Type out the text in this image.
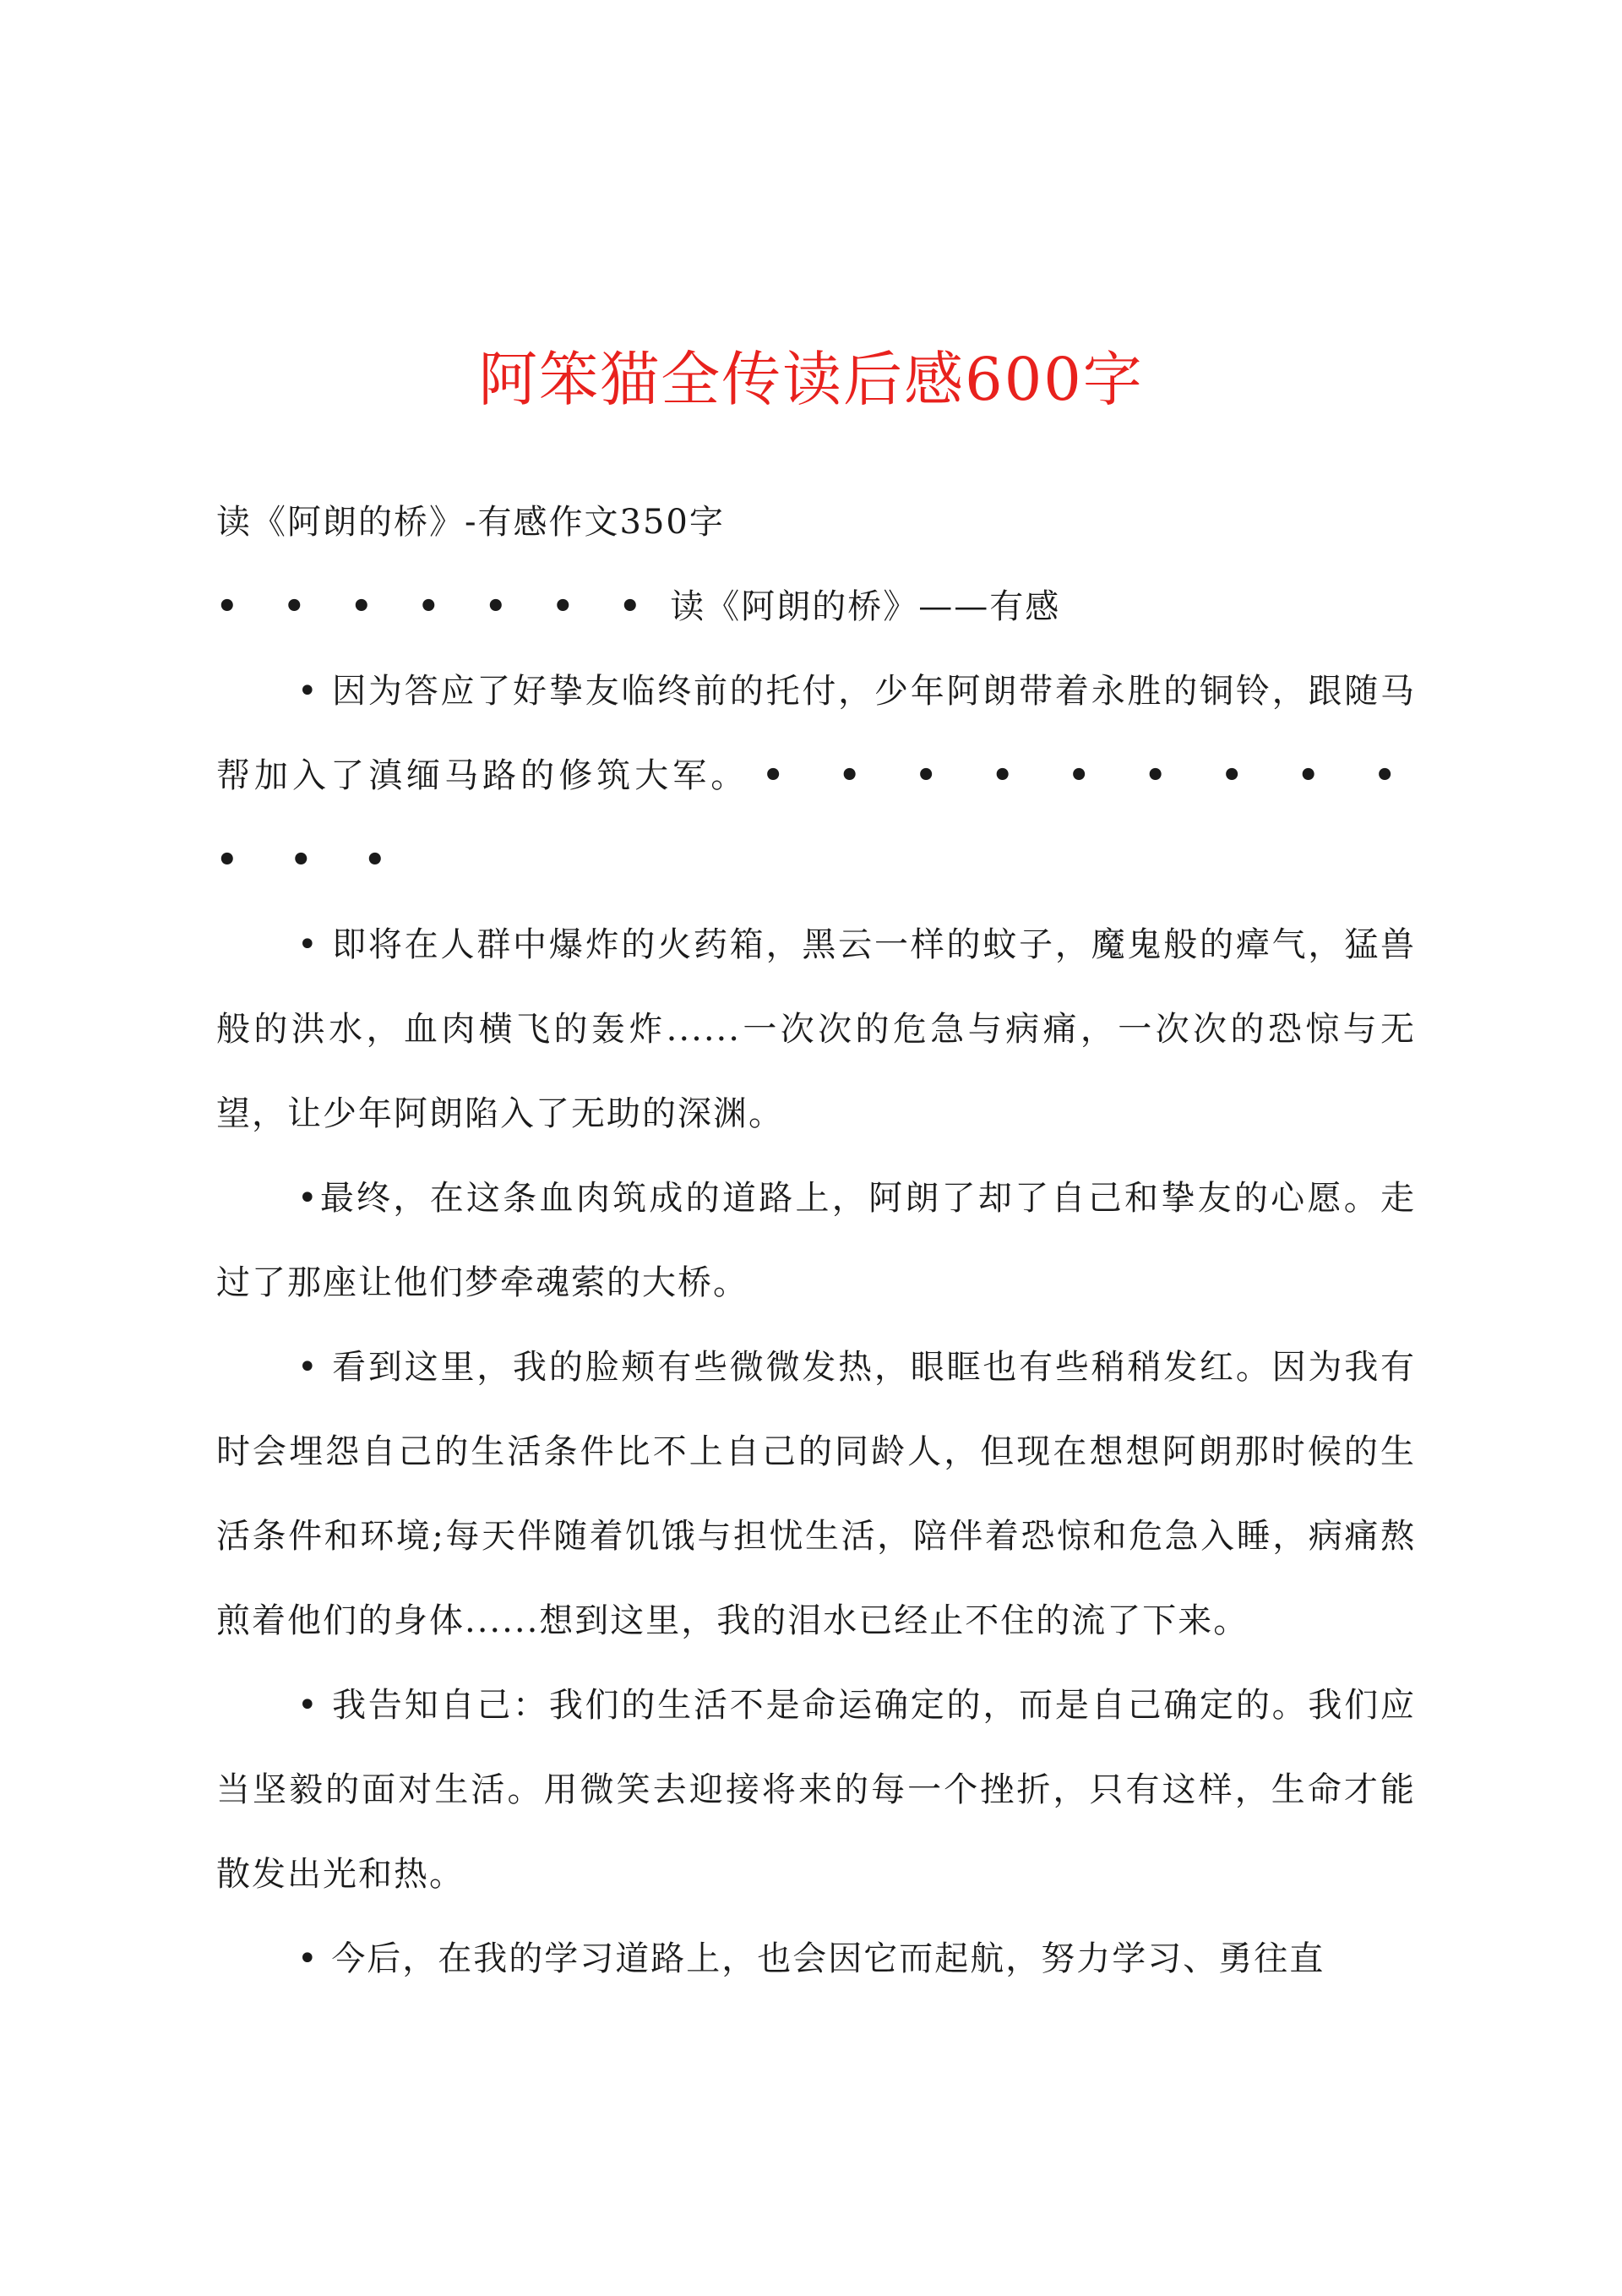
阿笨猫全传读后感600字

读《阿朗的桥》-有感作文350字

• • • • • • • 读《阿朗的桥》——有感

• 因为答应了好挚友临终前的托付，少年阿朗带着永胜的铜铃，跟随马帮加入了滇缅马路的修筑大军。 • • • • • • • • • • • •

• 即将在人群中爆炸的火药箱，黑云一样的蚊子，魔鬼般的瘴气，猛兽般的洪水，血肉横飞的轰炸......一次次的危急与病痛，一次次的恐惊与无望，让少年阿朗陷入了无助的深渊。

•最终，在这条血肉筑成的道路上，阿朗了却了自己和挚友的心愿。走过了那座让他们梦牵魂萦的大桥。

• 看到这里，我的脸颊有些微微发热，眼眶也有些稍稍发红。因为我有时会埋怨自己的生活条件比不上自己的同龄人，但现在想想阿朗那时候的生活条件和环境;每天伴随着饥饿与担忧生活，陪伴着恐惊和危急入睡，病痛熬煎着他们的身体......想到这里，我的泪水已经止不住的流了下来。

• 我告知自己：我们的生活不是命运确定的，而是自己确定的。我们应当坚毅的面对生活。用微笑去迎接将来的每一个挫折，只有这样，生命才能散发出光和热。

• 今后，在我的学习道路上，也会因它而起航，努力学习、勇往直
